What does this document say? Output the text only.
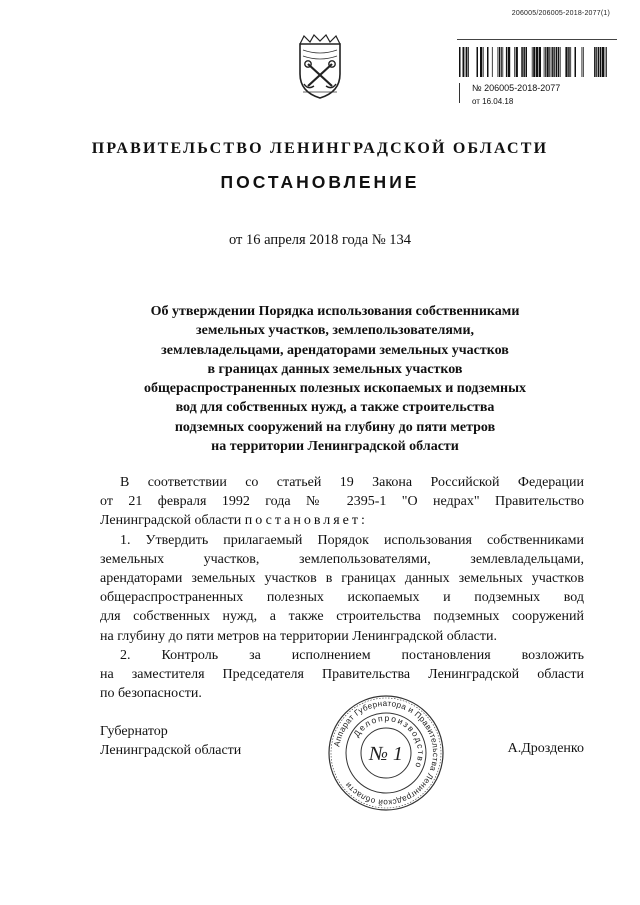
206005/206005-2018-2077(1)
№ 206005-2018-2077
от 16.04.18
ПРАВИТЕЛЬСТВО ЛЕНИНГРАДСКОЙ ОБЛАСТИ
ПОСТАНОВЛЕНИЕ
от 16 апреля 2018 года № 134
Об утверждении Порядка использования собственниками
земельных участков, землепользователями,
землевладельцами, арендаторами земельных участков
в границах данных земельных участков
общераспространенных полезных ископаемых и подземных
вод для собственных нужд, а также строительства
подземных сооружений на глубину до пяти метров
на территории Ленинградской области
В соответствии со статьей 19 Закона Российской Федерации
от 21 февраля 1992 года № 2395-1 "О недрах" Правительство
Ленинградской области постановляет:
1. Утвердить прилагаемый Порядок использования собственниками
земельных участков, землепользователями, землевладельцами,
арендаторами земельных участков в границах данных земельных участков
общераспространенных полезных ископаемых и подземных вод
для собственных нужд, а также строительства подземных сооружений
на глубину до пяти метров на территории Ленинградской области.
2. Контроль за исполнением постановления возложить
на заместителя Председателя Правительства Ленинградской области
по безопасности.
Губернатор
Ленинградской области	А.Дрозденко
Аппарат Губернатора и Правительства Ленинградской области
Делопроизводство
№ 1
